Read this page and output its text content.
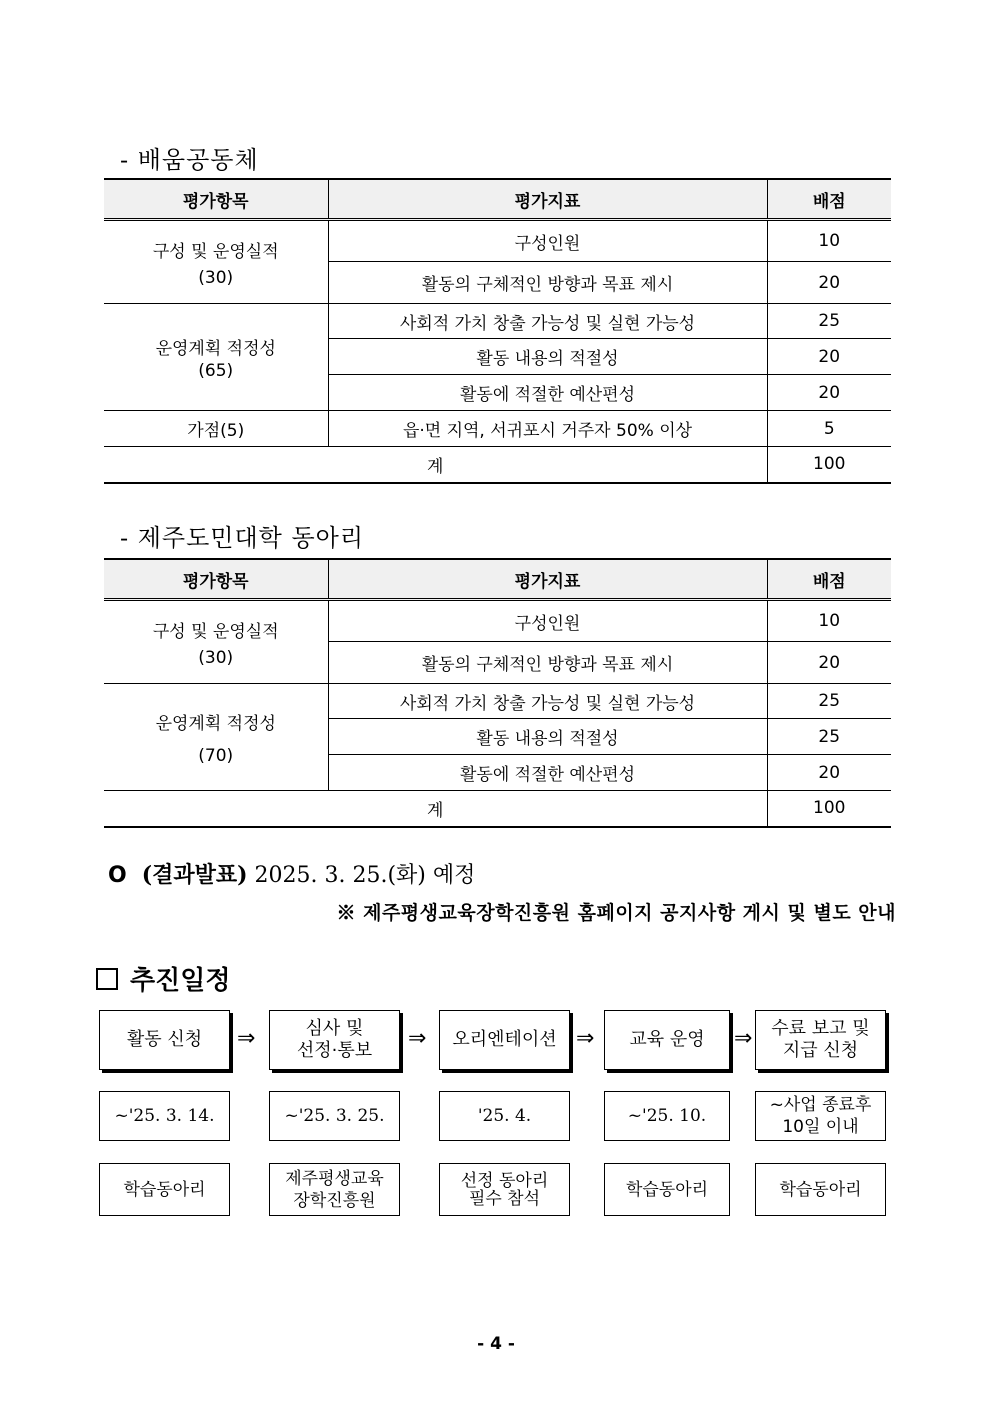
- 배움공동체
평가항목	평가지표	배점
구성 및 운영실적
(30)	구성인원	10
	활동의 구체적인 방향과 목표 제시	20
운영계획 적정성
(65)	사회적 가치 창출 가능성 및 실현 가능성	25
	활동 내용의 적절성	20
	활동에 적절한 예산편성	20
가점(5)	읍·면 지역, 서귀포시 거주자 50% 이상	5
계		100
- 제주도민대학 동아리
평가항목	평가지표	배점
구성 및 운영실적
(30)	구성인원	10
	활동의 구체적인 방향과 목표 제시	20
운영계획 적정성
(70)	사회적 가치 창출 가능성 및 실현 가능성	25
	활동 내용의 적절성	25
	활동에 적절한 예산편성	20
계		100
O (결과발표) 2025. 3. 25.(화) 예정
※ 제주평생교육장학진흥원 홈페이지 공지사항 게시 및 별도 안내
추진일정
활동 신청
심사 및
선정·통보
오리엔테이션	교육 운영
수료 보고 및
지급 신청
⇒	⇒	⇒	⇒
~'25. 3. 14.	~'25. 3. 25.	'25. 4.	~'25. 10.
~사업 종료후
10일 이내
학습동아리
제주평생교육
장학진흥원
선정 동아리
필수 참석	학습동아리	학습동아리
- 4 -
